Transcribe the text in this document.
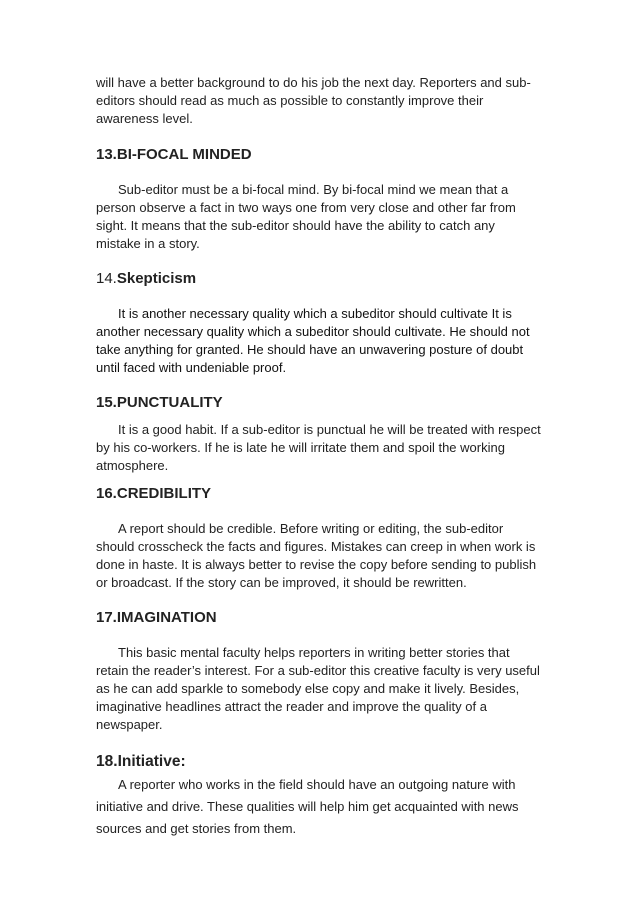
will have a better background to do his job the next day. Reporters and sub-editors should read as much as possible to constantly improve their awareness level.

13.BI-FOCAL MINDED

Sub-editor must be a bi-focal mind. By bi-focal mind we mean that a person observe a fact in two ways one from very close and other far from sight. It means that the sub-editor should have the ability to catch any mistake in a story.

14.Skepticism

It is another necessary quality which a subeditor should cultivate It is another necessary quality which a subeditor should cultivate. He should not take anything for granted. He should have an unwavering posture of doubt until faced with undeniable proof.

15.PUNCTUALITY

It is a good habit. If a sub-editor is punctual he will be treated with respect by his co-workers. If he is late he will irritate them and spoil the working atmosphere.

16.CREDIBILITY

A report should be credible. Before writing or editing, the sub-editor should crosscheck the facts and figures. Mistakes can creep in when work is done in haste. It is always better to revise the copy before sending to publish or broadcast. If the story can be improved, it should be rewritten.

17.IMAGINATION

This basic mental faculty helps reporters in writing better stories that retain the reader’s interest. For a sub-editor this creative faculty is very useful as he can add sparkle to somebody else copy and make it lively. Besides, imaginative headlines attract the reader and improve the quality of a newspaper.

18.Initiative:

A reporter who works in the field should have an outgoing nature with initiative and drive. These qualities will help him get acquainted with news sources and get stories from them.
